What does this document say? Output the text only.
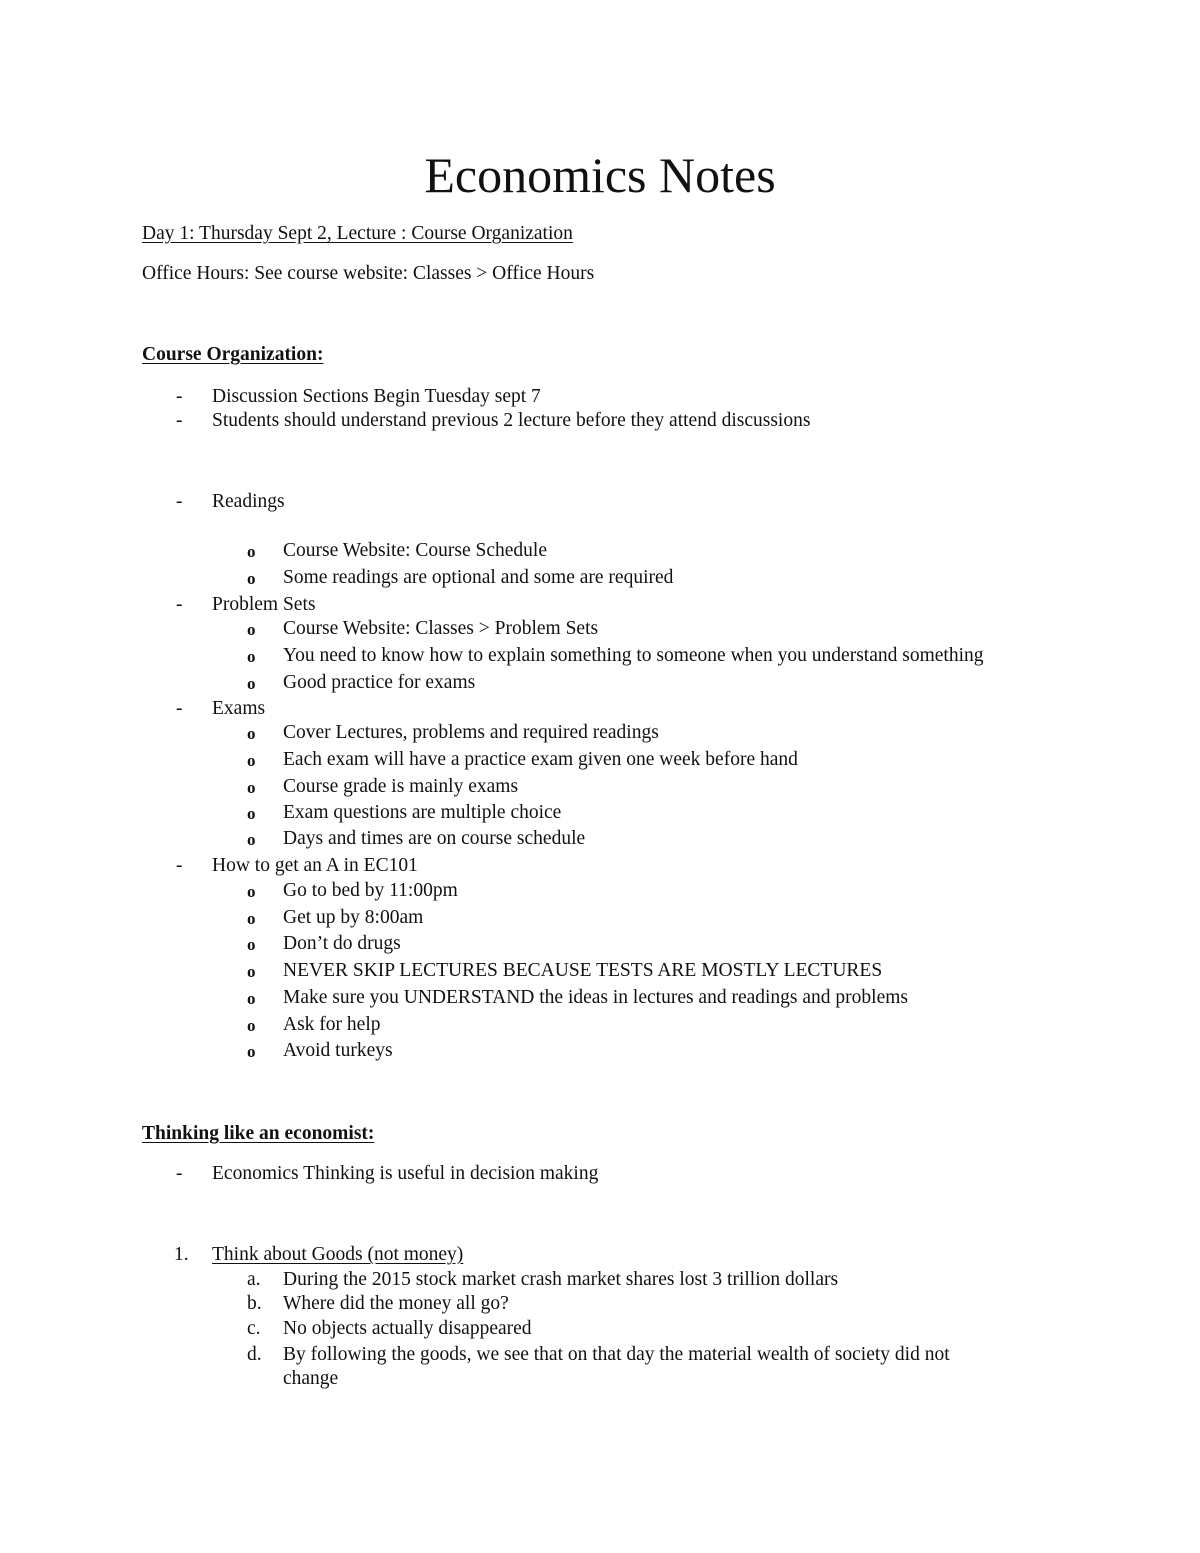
Economics Notes
Day 1: Thursday Sept 2, Lecture : Course Organization
Office Hours: See course website: Classes > Office Hours
Course Organization:
- Discussion Sections Begin Tuesday sept 7
- Students should understand previous 2 lecture before they attend discussions
- Readings
o Course Website: Course Schedule
o Some readings are optional and some are required
- Problem Sets
o Course Website: Classes > Problem Sets
o You need to know how to explain something to someone when you understand something
o Good practice for exams
- Exams
o Cover Lectures, problems and required readings
o Each exam will have a practice exam given one week before hand
o Course grade is mainly exams
o Exam questions are multiple choice
o Days and times are on course schedule
- How to get an A in EC101
o Go to bed by 11:00pm
o Get up by 8:00am
o Don’t do drugs
o NEVER SKIP LECTURES BECAUSE TESTS ARE MOSTLY LECTURES
o Make sure you UNDERSTAND the ideas in lectures and readings and problems
o Ask for help
o Avoid turkeys
Thinking like an economist:
- Economics Thinking is useful in decision making
1. Think about Goods (not money)
a. During the 2015 stock market crash market shares lost 3 trillion dollars
b. Where did the money all go?
c. No objects actually disappeared
d. By following the goods, we see that on that day the material wealth of society did not
change
